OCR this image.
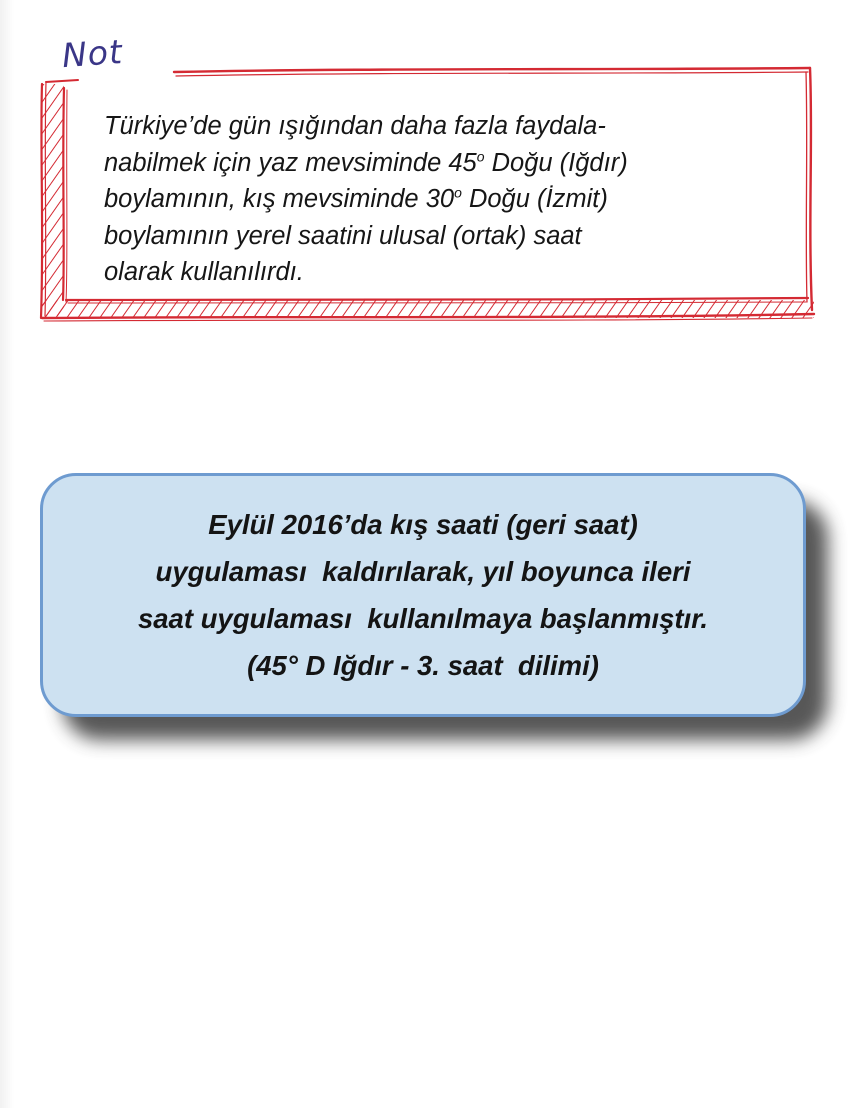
Not

Türkiye’de gün ışığından daha fazla faydala-
nabilmek için yaz mevsiminde 45$^o$ Doğu (Iğdır)
boylamının, kış mevsiminde 30$^o$ Doğu (İzmit)
boylamının yerel saatini ulusal (ortak) saat
olarak kullanılırdı.

Eylül 2016’da kış saati (geri saat)
uygulaması  kaldırılarak, yıl boyunca ileri
saat uygulaması  kullanılmaya başlanmıştır.
(45° D Iğdır - 3. saat  dilimi)
